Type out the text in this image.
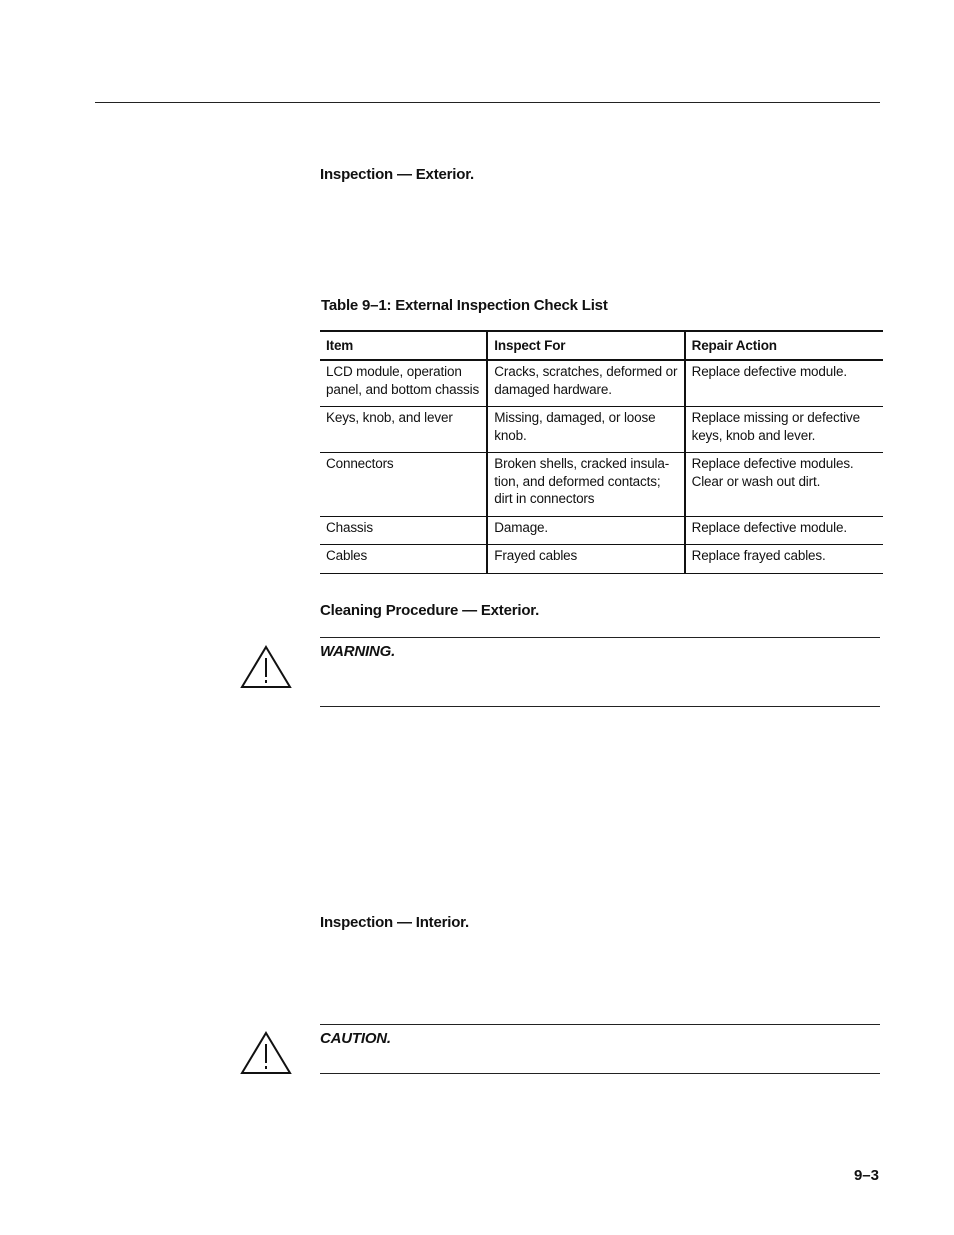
Inspection — Exterior.
Table 9–1: External Inspection Check List
Item	Inspect For	Repair Action
LCD module, operation panel, and bottom chassis	Cracks, scratches, deformed or damaged hardware.	Replace defective module.
Keys, knob, and lever	Missing, damaged, or loose knob.	Replace missing or defective keys, knob and lever.
Connectors	Broken shells, cracked insula-tion, and deformed contacts; dirt in connectors	Replace defective modules. Clear or wash out dirt.
Chassis	Damage.	Replace defective module.
Cables	Frayed cables	Replace frayed cables.
Cleaning Procedure — Exterior.
WARNING.
Inspection — Interior.
CAUTION.
9–3
